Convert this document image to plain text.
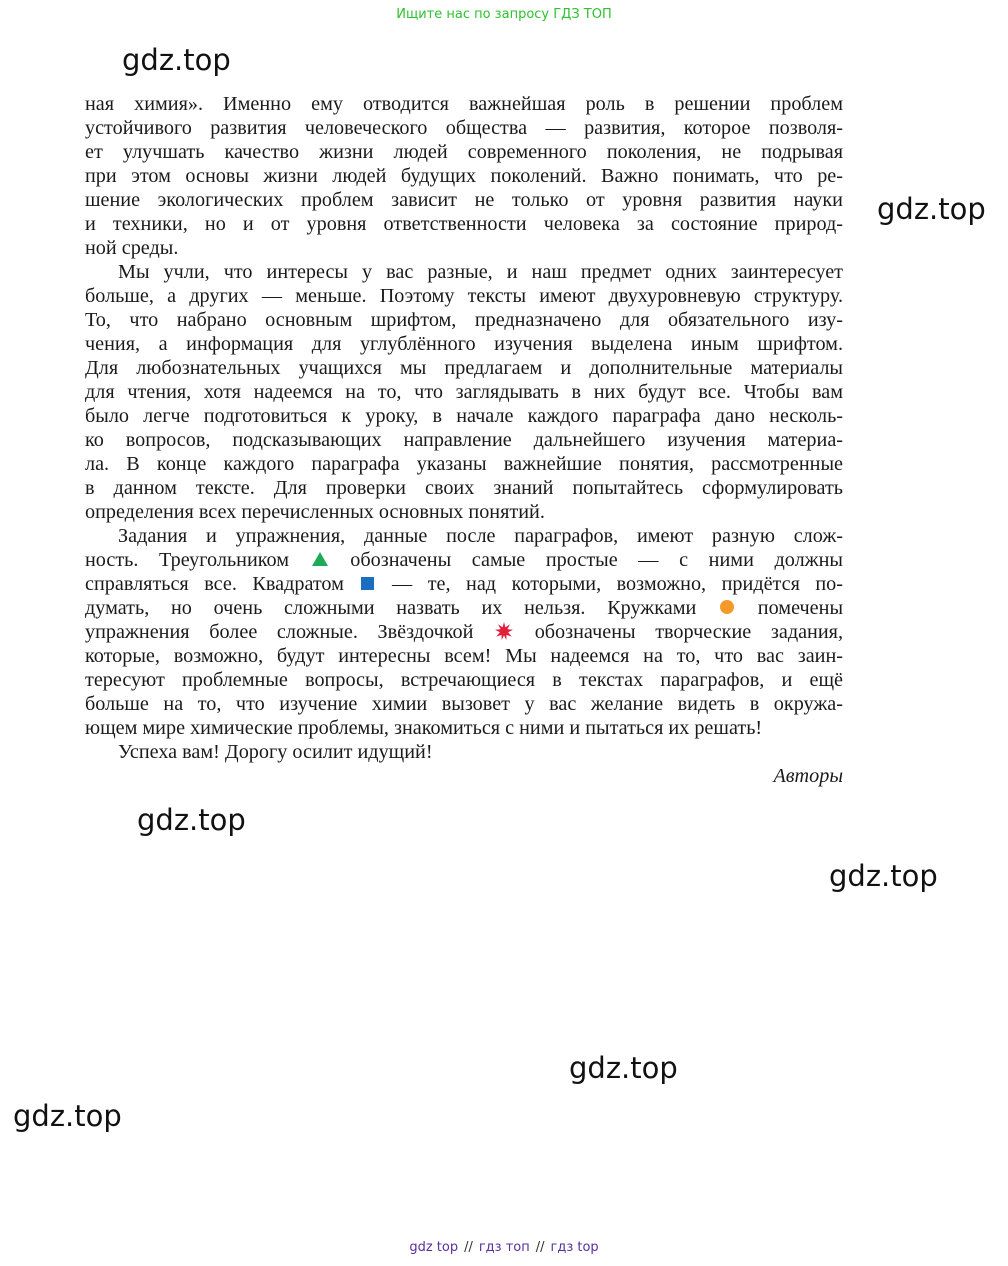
Ищите нас по запросу ГДЗ ТОП
gdz.top
gdz.top
gdz.top
gdz.top
gdz.top
gdz.top
ная химия». Именно ему отводится важнейшая роль в решении проблем
устойчивого развития человеческого общества — развития, которое позволя-
ет улучшать качество жизни людей современного поколения, не подрывая
при этом основы жизни людей будущих поколений. Важно понимать, что ре-
шение экологических проблем зависит не только от уровня развития науки
и техники, но и от уровня ответственности человека за состояние природ-
ной среды.
Мы учли, что интересы у вас разные, и наш предмет одних заинтересует
больше, а других — меньше. Поэтому тексты имеют двухуровневую структуру.
То, что набрано основным шрифтом, предназначено для обязательного изу-
чения, а информация для углублённого изучения выделена иным шрифтом.
Для любознательных учащихся мы предлагаем и дополнительные материалы
для чтения, хотя надеемся на то, что заглядывать в них будут все. Чтобы вам
было легче подготовиться к уроку, в начале каждого параграфа дано несколь-
ко вопросов, подсказывающих направление дальнейшего изучения материа-
ла. В конце каждого параграфа указаны важнейшие понятия, рассмотренные
в данном тексте. Для проверки своих знаний попытайтесь сформулировать
определения всех перечисленных основных понятий.
Задания и упражнения, данные после параграфов, имеют разную слож-
ность. Треугольником	обозначены самые простые — с ними должны
справляться все. Квадратом — те, над которыми, возможно, придётся по-
думать, но очень сложными назвать их нельзя. Кружками	помечены
упражнения более сложные. Звёздочкой	обозначены творческие задания,
которые, возможно, будут интересны всем! Мы надеемся на то, что вас заин-
тересуют проблемные вопросы, встречающиеся в текстах параграфов, и ещё
больше на то, что изучение химии вызовет у вас желание видеть в окружа-
ющем мире химические проблемы, знакомиться с ними и пытаться их решать!
Успеха вам! Дорогу осилит идущий!
Авторы
gdz top // гдз топ // гдз top
